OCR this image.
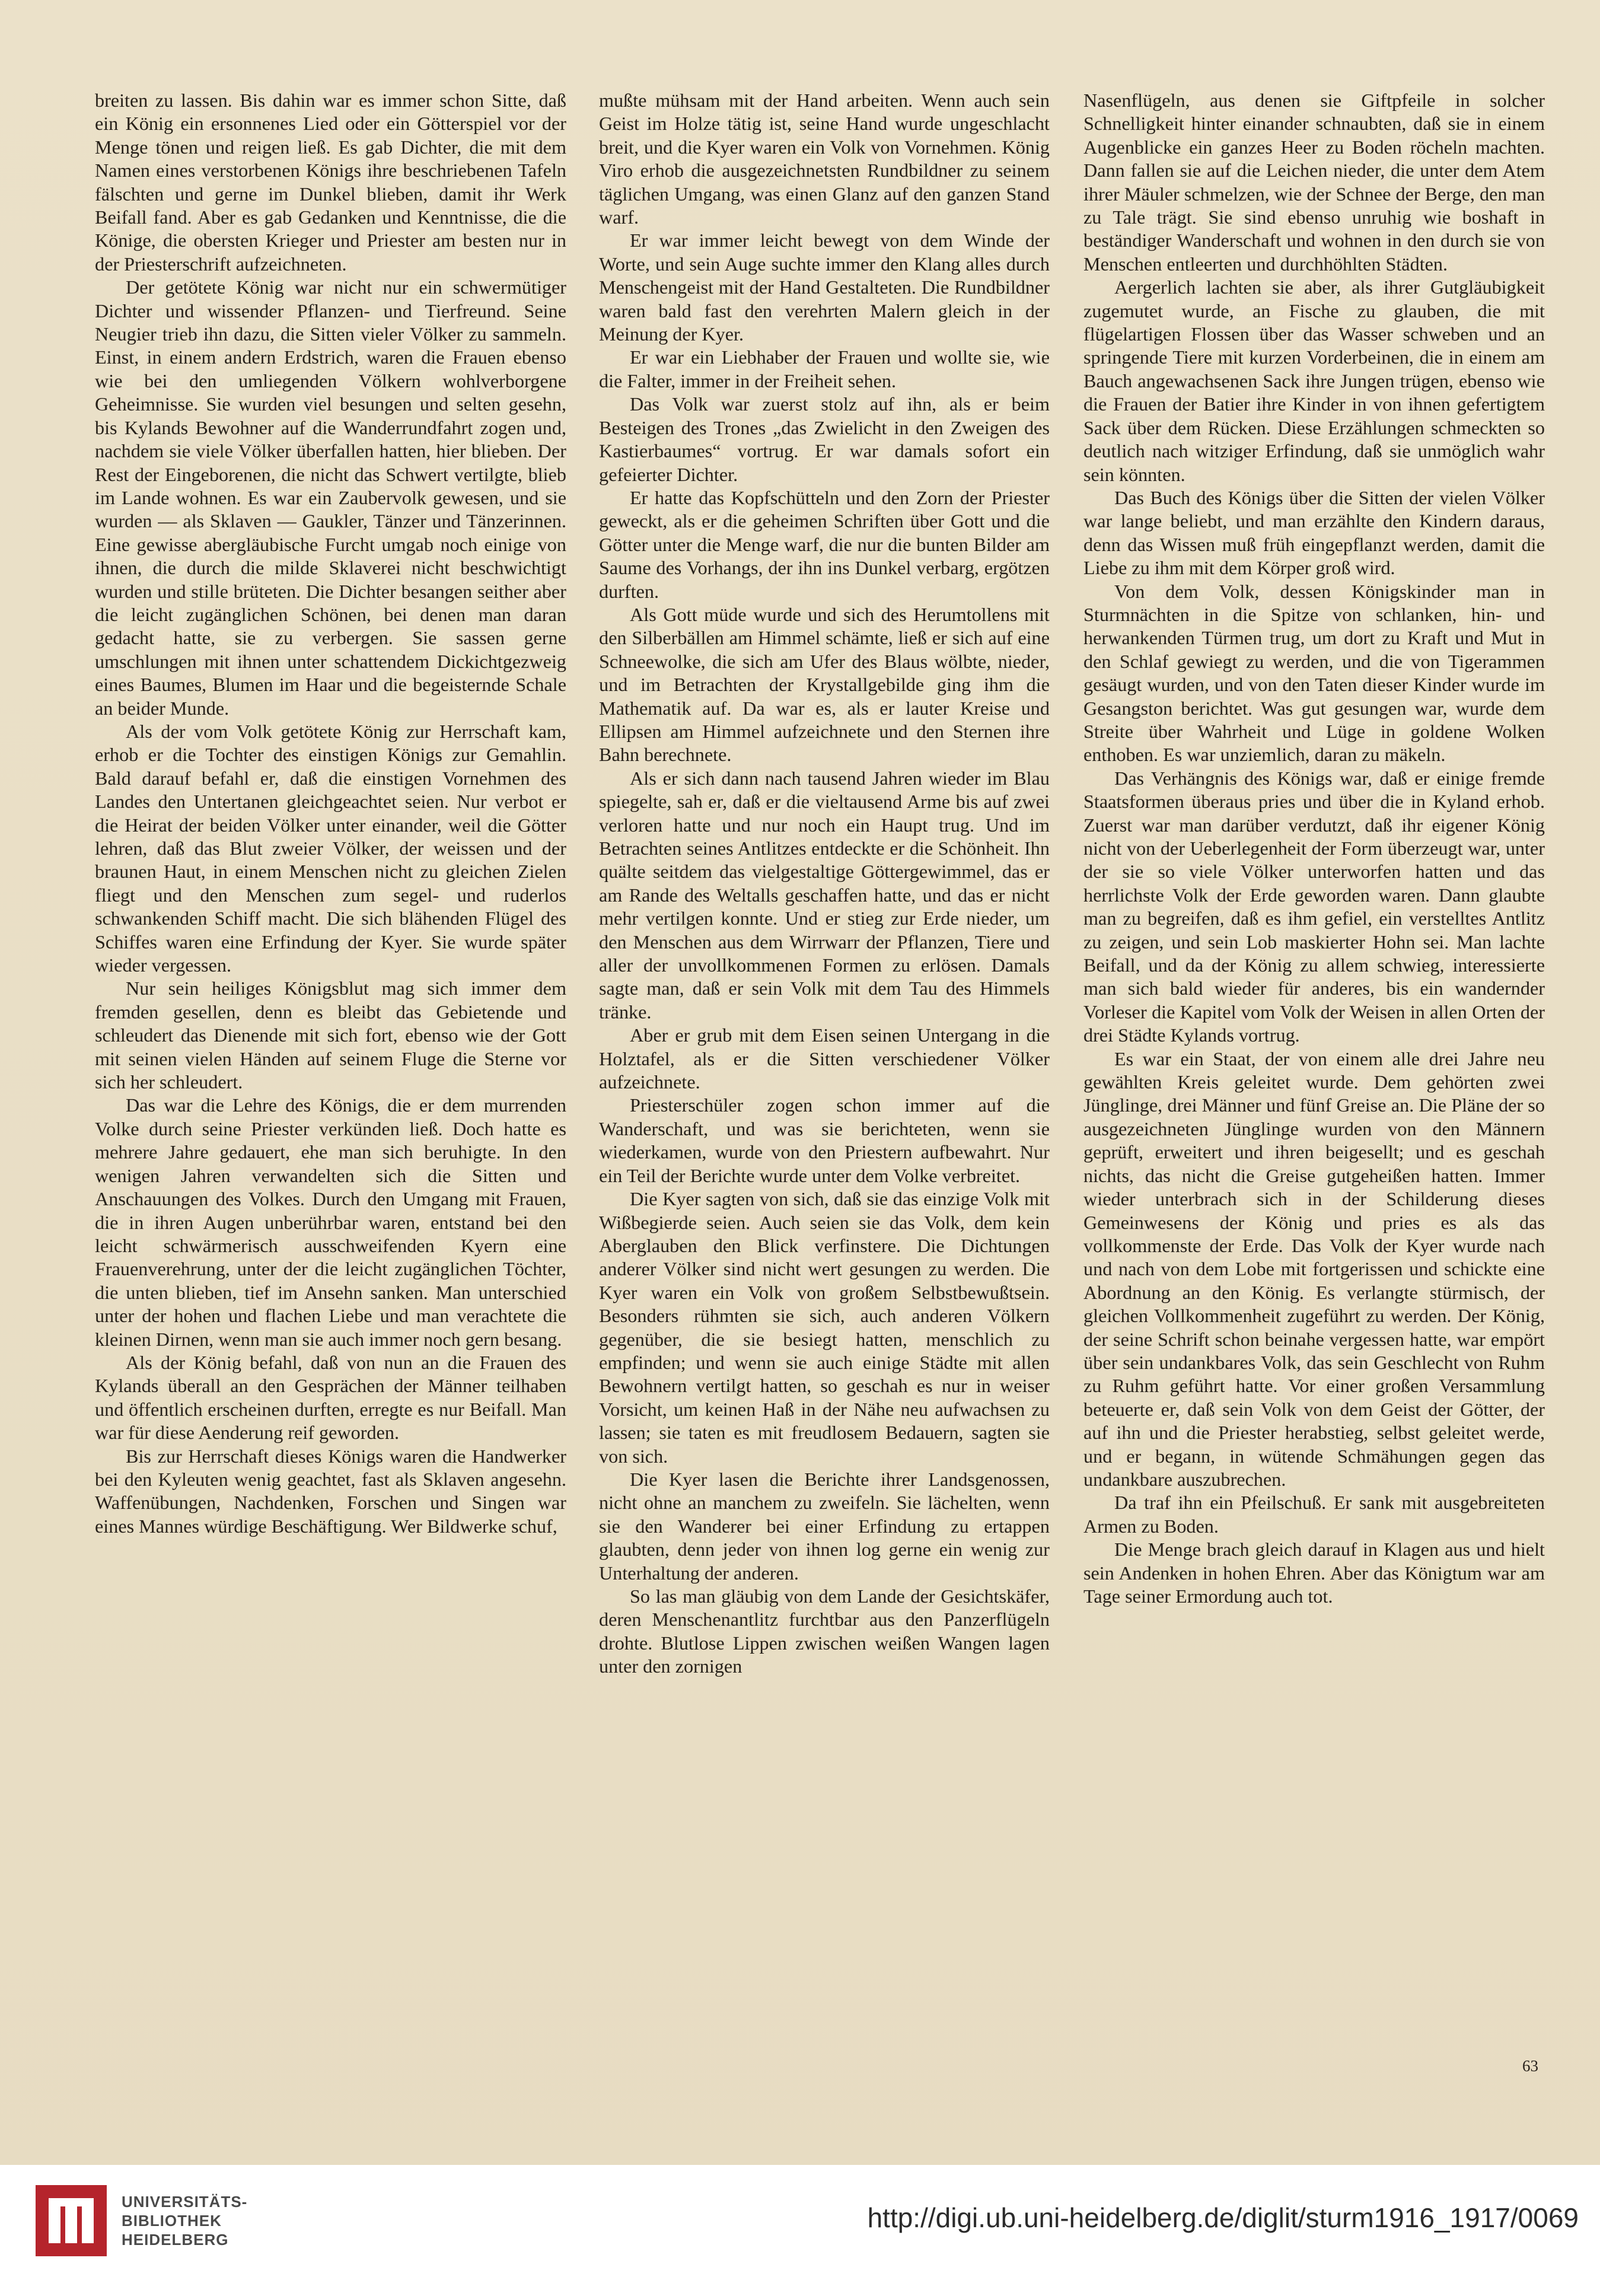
breiten zu lassen. Bis dahin war es immer schon Sitte, daß ein König ein ersonnenes Lied oder ein Götterspiel vor der Menge tönen und reigen ließ. Es gab Dichter, die mit dem Namen eines verstorbenen Königs ihre beschriebenen Tafeln fälschten und gerne im Dunkel blieben, damit ihr Werk Beifall fand. Aber es gab Gedanken und Kenntnisse, die die Könige, die obersten Krieger und Priester am besten nur in der Priesterschrift aufzeichneten.

Der getötete König war nicht nur ein schwermütiger Dichter und wissender Pflanzen- und Tierfreund. Seine Neugier trieb ihn dazu, die Sitten vieler Völker zu sammeln. Einst, in einem andern Erdstrich, waren die Frauen ebenso wie bei den umliegenden Völkern wohlverborgene Geheimnisse. Sie wurden viel besungen und selten gesehn, bis Kylands Bewohner auf die Wanderrundfahrt zogen und, nachdem sie viele Völker überfallen hatten, hier blieben. Der Rest der Eingeborenen, die nicht das Schwert vertilgte, blieb im Lande wohnen. Es war ein Zaubervolk gewesen, und sie wurden — als Sklaven — Gaukler, Tänzer und Tänzerinnen. Eine gewisse abergläubische Furcht umgab noch einige von ihnen, die durch die milde Sklaverei nicht beschwichtigt wurden und stille brüteten. Die Dichter besangen seither aber die leicht zugänglichen Schönen, bei denen man daran gedacht hatte, sie zu verbergen. Sie sassen gerne umschlungen mit ihnen unter schattendem Dickichtgezweig eines Baumes, Blumen im Haar und die begeisternde Schale an beider Munde.

Als der vom Volk getötete König zur Herrschaft kam, erhob er die Tochter des einstigen Königs zur Gemahlin. Bald darauf befahl er, daß die einstigen Vornehmen des Landes den Untertanen gleichgeachtet seien. Nur verbot er die Heirat der beiden Völker unter einander, weil die Götter lehren, daß das Blut zweier Völker, der weissen und der braunen Haut, in einem Menschen nicht zu gleichen Zielen fliegt und den Menschen zum segel- und ruderlos schwankenden Schiff macht. Die sich blähenden Flügel des Schiffes waren eine Erfindung der Kyer. Sie wurde später wieder vergessen.

Nur sein heiliges Königsblut mag sich immer dem fremden gesellen, denn es bleibt das Gebietende und schleudert das Dienende mit sich fort, ebenso wie der Gott mit seinen vielen Händen auf seinem Fluge die Sterne vor sich her schleudert.

Das war die Lehre des Königs, die er dem murrenden Volke durch seine Priester verkünden ließ. Doch hatte es mehrere Jahre gedauert, ehe man sich beruhigte. In den wenigen Jahren verwandelten sich die Sitten und Anschauungen des Volkes. Durch den Umgang mit Frauen, die in ihren Augen unberührbar waren, entstand bei den leicht schwärmerisch ausschweifenden Kyern eine Frauenverehrung, unter der die leicht zugänglichen Töchter, die unten blieben, tief im Ansehn sanken. Man unterschied unter der hohen und flachen Liebe und man verachtete die kleinen Dirnen, wenn man sie auch immer noch gern besang.

Als der König befahl, daß von nun an die Frauen des Kylands überall an den Gesprächen der Männer teilhaben und öffentlich erscheinen durften, erregte es nur Beifall. Man war für diese Aenderung reif geworden.

Bis zur Herrschaft dieses Königs waren die Handwerker bei den Kyleuten wenig geachtet, fast als Sklaven angesehn. Waffenübungen, Nachdenken, Forschen und Singen war eines Mannes würdige Beschäftigung. Wer Bildwerke schuf,

mußte mühsam mit der Hand arbeiten. Wenn auch sein Geist im Holze tätig ist, seine Hand wurde ungeschlacht breit, und die Kyer waren ein Volk von Vornehmen. König Viro erhob die ausgezeichnetsten Rundbildner zu seinem täglichen Umgang, was einen Glanz auf den ganzen Stand warf.

Er war immer leicht bewegt von dem Winde der Worte, und sein Auge suchte immer den Klang alles durch Menschengeist mit der Hand Gestalteten. Die Rundbildner waren bald fast den verehrten Malern gleich in der Meinung der Kyer.

Er war ein Liebhaber der Frauen und wollte sie, wie die Falter, immer in der Freiheit sehen.

Das Volk war zuerst stolz auf ihn, als er beim Besteigen des Trones „das Zwielicht in den Zweigen des Kastierbaumes“ vortrug. Er war damals sofort ein gefeierter Dichter.

Er hatte das Kopfschütteln und den Zorn der Priester geweckt, als er die geheimen Schriften über Gott und die Götter unter die Menge warf, die nur die bunten Bilder am Saume des Vorhangs, der ihn ins Dunkel verbarg, ergötzen durften.

Als Gott müde wurde und sich des Herumtollens mit den Silberbällen am Himmel schämte, ließ er sich auf eine Schneewolke, die sich am Ufer des Blaus wölbte, nieder, und im Betrachten der Krystallgebilde ging ihm die Mathematik auf. Da war es, als er lauter Kreise und Ellipsen am Himmel aufzeichnete und den Sternen ihre Bahn berechnete.

Als er sich dann nach tausend Jahren wieder im Blau spiegelte, sah er, daß er die vieltausend Arme bis auf zwei verloren hatte und nur noch ein Haupt trug. Und im Betrachten seines Antlitzes entdeckte er die Schönheit. Ihn quälte seitdem das vielgestaltige Göttergewimmel, das er am Rande des Weltalls geschaffen hatte, und das er nicht mehr vertilgen konnte. Und er stieg zur Erde nieder, um den Menschen aus dem Wirrwarr der Pflanzen, Tiere und aller der unvollkommenen Formen zu erlösen. Damals sagte man, daß er sein Volk mit dem Tau des Himmels tränke.

Aber er grub mit dem Eisen seinen Untergang in die Holztafel, als er die Sitten verschiedener Völker aufzeichnete.

Priesterschüler zogen schon immer auf die Wanderschaft, und was sie berichteten, wenn sie wiederkamen, wurde von den Priestern aufbewahrt. Nur ein Teil der Berichte wurde unter dem Volke verbreitet.

Die Kyer sagten von sich, daß sie das einzige Volk mit Wißbegierde seien. Auch seien sie das Volk, dem kein Aberglauben den Blick verfinstere. Die Dichtungen anderer Völker sind nicht wert gesungen zu werden. Die Kyer waren ein Volk von großem Selbstbewußtsein. Besonders rühmten sie sich, auch anderen Völkern gegenüber, die sie besiegt hatten, menschlich zu empfinden; und wenn sie auch einige Städte mit allen Bewohnern vertilgt hatten, so geschah es nur in weiser Vorsicht, um keinen Haß in der Nähe neu aufwachsen zu lassen; sie taten es mit freudlosem Bedauern, sagten sie von sich.

Die Kyer lasen die Berichte ihrer Landsgenossen, nicht ohne an manchem zu zweifeln. Sie lächelten, wenn sie den Wanderer bei einer Erfindung zu ertappen glaubten, denn jeder von ihnen log gerne ein wenig zur Unterhaltung der anderen.

So las man gläubig von dem Lande der Gesichtskäfer, deren Menschenantlitz furchtbar aus den Panzerflügeln drohte. Blutlose Lippen zwischen weißen Wangen lagen unter den zornigen

Nasenflügeln, aus denen sie Giftpfeile in solcher Schnelligkeit hinter einander schnaubten, daß sie in einem Augenblicke ein ganzes Heer zu Boden röcheln machten. Dann fallen sie auf die Leichen nieder, die unter dem Atem ihrer Mäuler schmelzen, wie der Schnee der Berge, den man zu Tale trägt. Sie sind ebenso unruhig wie boshaft in beständiger Wanderschaft und wohnen in den durch sie von Menschen entleerten und durchhöhlten Städten.

Aergerlich lachten sie aber, als ihrer Gutgläubigkeit zugemutet wurde, an Fische zu glauben, die mit flügelartigen Flossen über das Wasser schweben und an springende Tiere mit kurzen Vorderbeinen, die in einem am Bauch angewachsenen Sack ihre Jungen trügen, ebenso wie die Frauen der Batier ihre Kinder in von ihnen gefertigtem Sack über dem Rücken. Diese Erzählungen schmeckten so deutlich nach witziger Erfindung, daß sie unmöglich wahr sein könnten.

Das Buch des Königs über die Sitten der vielen Völker war lange beliebt, und man erzählte den Kindern daraus, denn das Wissen muß früh eingepflanzt werden, damit die Liebe zu ihm mit dem Körper groß wird.

Von dem Volk, dessen Königskinder man in Sturmnächten in die Spitze von schlanken, hin- und herwankenden Türmen trug, um dort zu Kraft und Mut in den Schlaf gewiegt zu werden, und die von Tigerammen gesäugt wurden, und von den Taten dieser Kinder wurde im Gesangston berichtet. Was gut gesungen war, wurde dem Streite über Wahrheit und Lüge in goldene Wolken enthoben. Es war unziemlich, daran zu mäkeln.

Das Verhängnis des Königs war, daß er einige fremde Staatsformen überaus pries und über die in Kyland erhob. Zuerst war man darüber verdutzt, daß ihr eigener König nicht von der Ueberlegenheit der Form überzeugt war, unter der sie so viele Völker unterworfen hatten und das herrlichste Volk der Erde geworden waren. Dann glaubte man zu begreifen, daß es ihm gefiel, ein verstelltes Antlitz zu zeigen, und sein Lob maskierter Hohn sei. Man lachte Beifall, und da der König zu allem schwieg, interessierte man sich bald wieder für anderes, bis ein wandernder Vorleser die Kapitel vom Volk der Weisen in allen Orten der drei Städte Kylands vortrug.

Es war ein Staat, der von einem alle drei Jahre neu gewählten Kreis geleitet wurde. Dem gehörten zwei Jünglinge, drei Männer und fünf Greise an. Die Pläne der so ausgezeichneten Jünglinge wurden von den Männern geprüft, erweitert und ihren beigesellt; und es geschah nichts, das nicht die Greise gutgeheißen hatten. Immer wieder unterbrach sich in der Schilderung dieses Gemeinwesens der König und pries es als das vollkommenste der Erde. Das Volk der Kyer wurde nach und nach von dem Lobe mit fortgerissen und schickte eine Abordnung an den König. Es verlangte stürmisch, der gleichen Vollkommenheit zugeführt zu werden. Der König, der seine Schrift schon beinahe vergessen hatte, war empört über sein undankbares Volk, das sein Geschlecht von Ruhm zu Ruhm geführt hatte. Vor einer großen Versammlung beteuerte er, daß sein Volk von dem Geist der Götter, der auf ihn und die Priester herabstieg, selbst geleitet werde, und er begann, in wütende Schmähungen gegen das undankbare auszubrechen.

Da traf ihn ein Pfeilschuß. Er sank mit ausgebreiteten Armen zu Boden.

Die Menge brach gleich darauf in Klagen aus und hielt sein Andenken in hohen Ehren. Aber das Königtum war am Tage seiner Ermordung auch tot.

63
UNIVERSITÄTS-
BIBLIOTHEK
HEIDELBERG
http://digi.ub.uni-heidelberg.de/diglit/sturm1916_1917/0069
